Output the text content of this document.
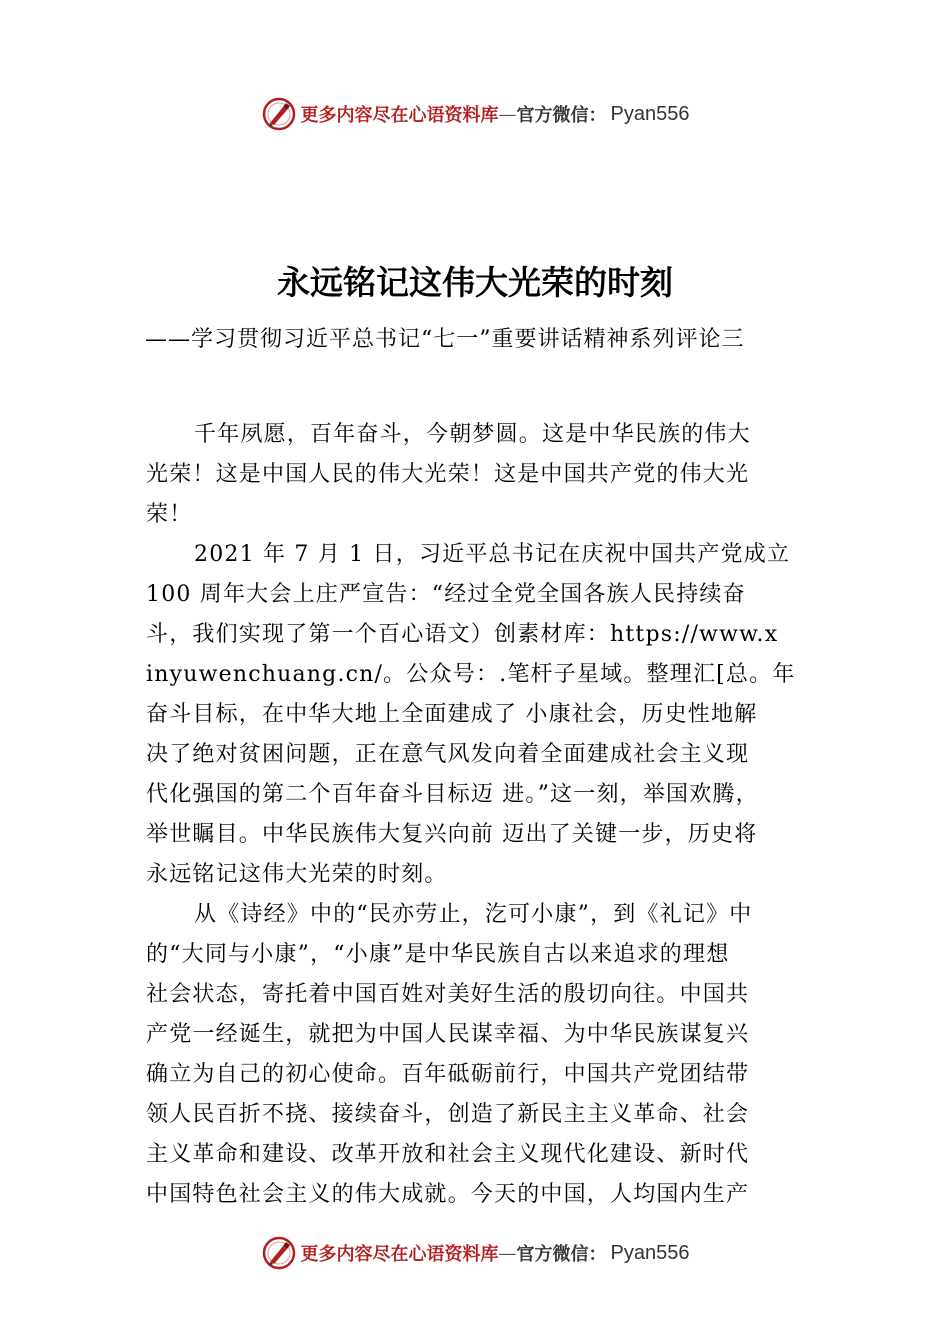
更多内容尽在心语资料库 — 官方微信： Pyan556
永远铭记这伟大光荣的时刻

——学习贯彻习近平总书记“七一”重要讲话精神系列评论三

千年夙愿，百年奋斗，今朝梦圆。这是中华民族的伟大
光荣！这是中国人民的伟大光荣！这是中国共产党的伟大光
荣！
2021 年 7 月 1 日，习近平总书记在庆祝中国共产党成立
100 周年大会上庄严宣告：“经过全党全国各族人民持续奋
斗，我们实现了第一个百心语文）创素材库：https://www.x
inyuwenchuang.cn/。公众号：.笔杆子星域。整理汇[总。年
奋斗目标，在中华大地上全面建成了 小康社会，历史性地解
决了绝对贫困问题，正在意气风发向着全面建成社会主义现
代化强国的第二个百年奋斗目标迈 进。”这一刻，举国欢腾，
举世瞩目。中华民族伟大复兴向前 迈出了关键一步，历史将
永远铭记这伟大光荣的时刻。
从《诗经》中的“民亦劳止，汔可小康”，到《礼记》中
的“大同与小康”，“小康”是中华民族自古以来追求的理想
社会状态，寄托着中国百姓对美好生活的殷切向往。中国共
产党一经诞生，就把为中国人民谋幸福、为中华民族谋复兴
确立为自己的初心使命。百年砥砺前行，中国共产党团结带
领人民百折不挠、接续奋斗，创造了新民主主义革命、社会
主义革命和建设、改革开放和社会主义现代化建设、新时代
中国特色社会主义的伟大成就。今天的中国，人均国内生产
更多内容尽在心语资料库 — 官方微信： Pyan556
